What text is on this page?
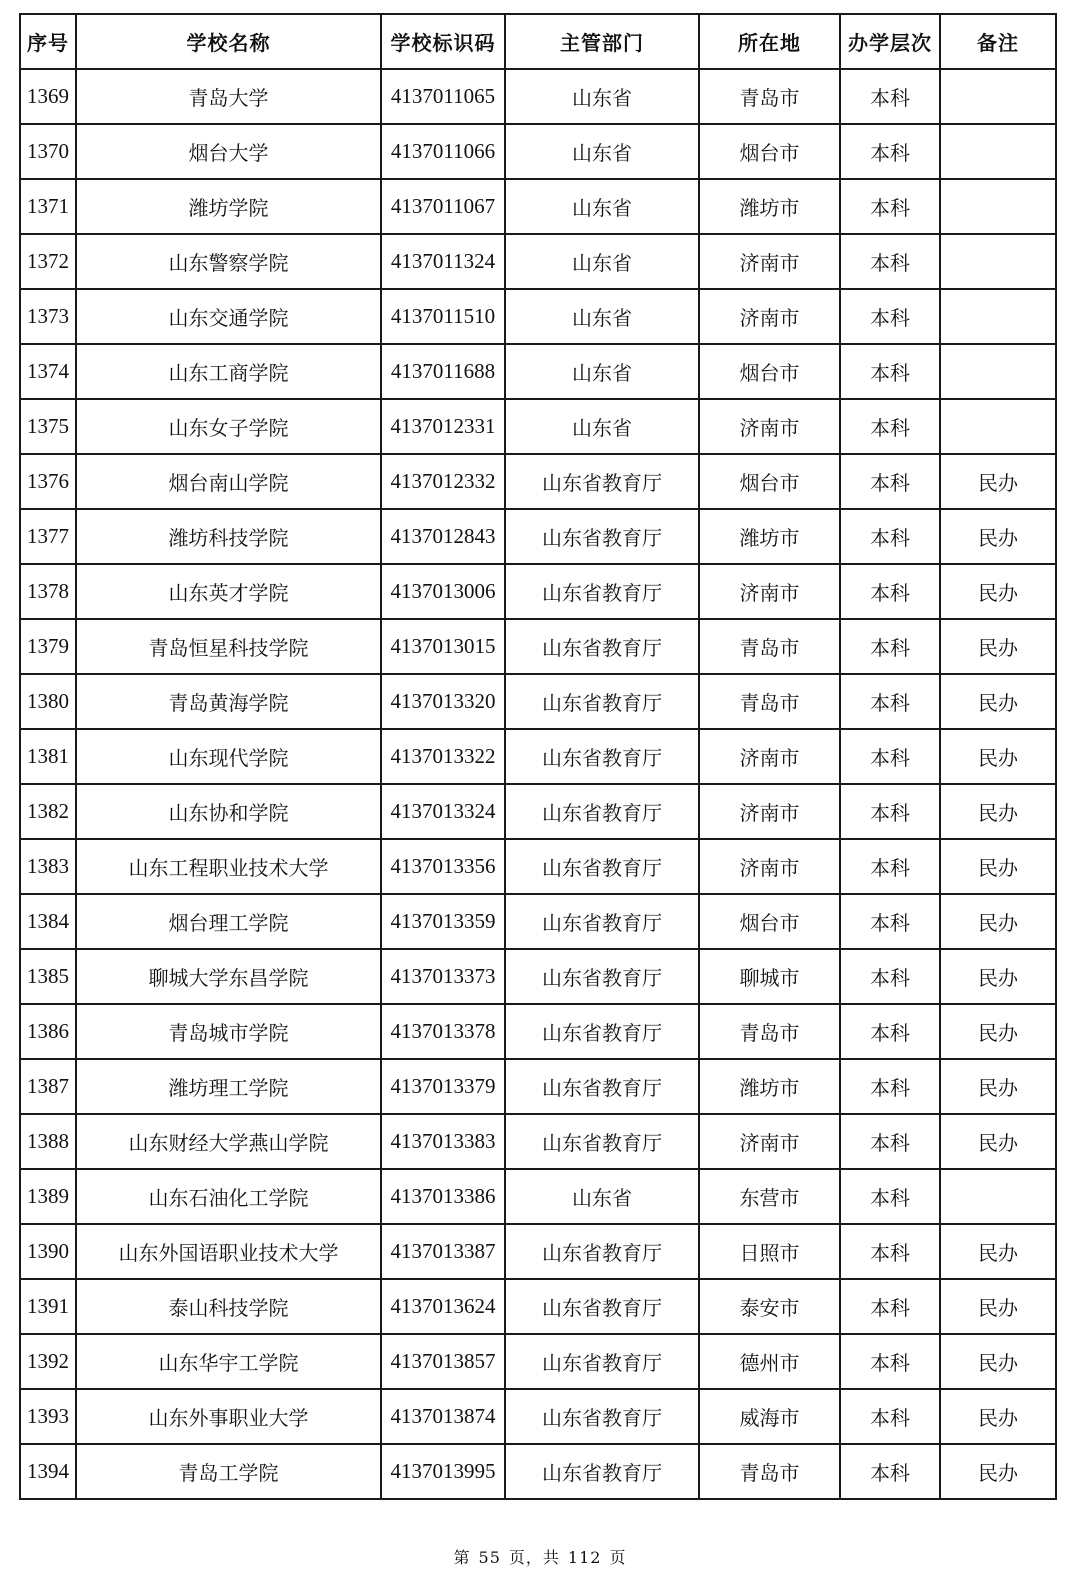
序号	学校名称	学校标识码	主管部门	所在地	办学层次	备注
1369	青岛大学	4137011065	山东省	青岛市	本科	
1370	烟台大学	4137011066	山东省	烟台市	本科	
1371	潍坊学院	4137011067	山东省	潍坊市	本科	
1372	山东警察学院	4137011324	山东省	济南市	本科	
1373	山东交通学院	4137011510	山东省	济南市	本科	
1374	山东工商学院	4137011688	山东省	烟台市	本科	
1375	山东女子学院	4137012331	山东省	济南市	本科	
1376	烟台南山学院	4137012332	山东省教育厅	烟台市	本科	民办
1377	潍坊科技学院	4137012843	山东省教育厅	潍坊市	本科	民办
1378	山东英才学院	4137013006	山东省教育厅	济南市	本科	民办
1379	青岛恒星科技学院	4137013015	山东省教育厅	青岛市	本科	民办
1380	青岛黄海学院	4137013320	山东省教育厅	青岛市	本科	民办
1381	山东现代学院	4137013322	山东省教育厅	济南市	本科	民办
1382	山东协和学院	4137013324	山东省教育厅	济南市	本科	民办
1383	山东工程职业技术大学	4137013356	山东省教育厅	济南市	本科	民办
1384	烟台理工学院	4137013359	山东省教育厅	烟台市	本科	民办
1385	聊城大学东昌学院	4137013373	山东省教育厅	聊城市	本科	民办
1386	青岛城市学院	4137013378	山东省教育厅	青岛市	本科	民办
1387	潍坊理工学院	4137013379	山东省教育厅	潍坊市	本科	民办
1388	山东财经大学燕山学院	4137013383	山东省教育厅	济南市	本科	民办
1389	山东石油化工学院	4137013386	山东省	东营市	本科	
1390	山东外国语职业技术大学	4137013387	山东省教育厅	日照市	本科	民办
1391	泰山科技学院	4137013624	山东省教育厅	泰安市	本科	民办
1392	山东华宇工学院	4137013857	山东省教育厅	德州市	本科	民办
1393	山东外事职业大学	4137013874	山东省教育厅	威海市	本科	民办
1394	青岛工学院	4137013995	山东省教育厅	青岛市	本科	民办
第 55 页，共 112 页
